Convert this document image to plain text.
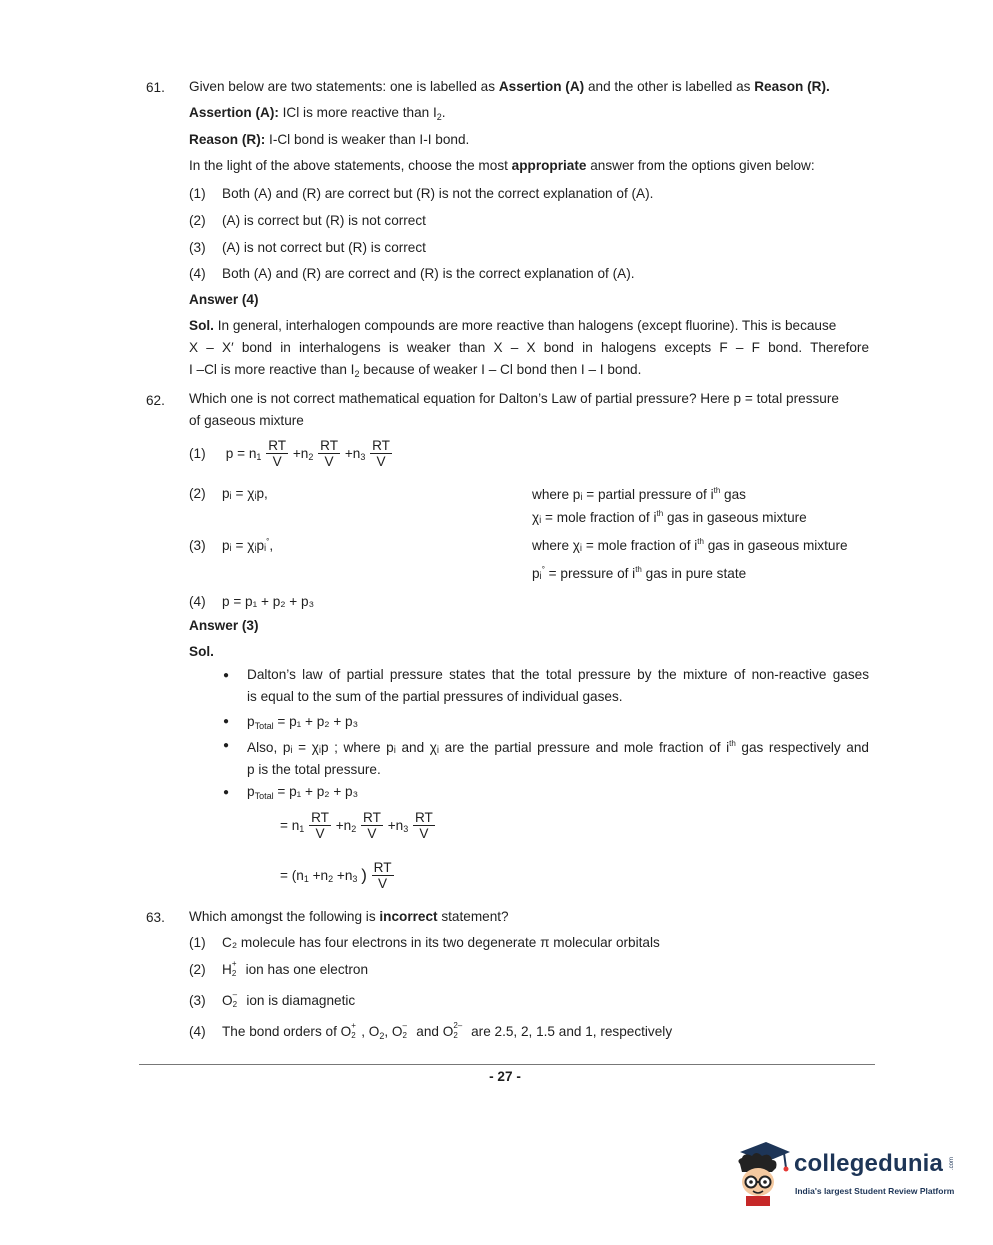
61. Given below are two statements: one is labelled as Assertion (A) and the other is labelled as Reason (R).
Assertion (A): ICl is more reactive than $I_2$.
Reason (R): I-Cl bond is weaker than I-I bond.
In the light of the above statements, choose the most appropriate answer from the options given below:
(1) Both (A) and (R) are correct but (R) is not the correct explanation of (A).
(2) (A) is correct but (R) is not correct
(3) (A) is not correct but (R) is correct
(4) Both (A) and (R) are correct and (R) is the correct explanation of (A).
Answer (4)
Sol. In general, interhalogen compounds are more reactive than halogens (except fluorine). This is because
X – X′ bond in interhalogens is weaker than X – X bond in halogens excepts F – F bond. Therefore
I –Cl is more reactive than $I_2$ because of weaker I – Cl bond then I – I bond.
62. Which one is not correct mathematical equation for Dalton’s Law of partial pressure? Here p = total pressure
of gaseous mixture
(1) $p = n_1 \frac{RT}{V} +n_2 \frac{RT}{V} +n_3 \frac{RT}{V}$
(2) pᵢ = χᵢp,	where pᵢ = partial pressure of $i^{th}$ gas
χᵢ = mole fraction of $i^{th}$ gas in gaseous mixture
(3) pᵢ = χᵢpᵢ°,	where χᵢ = mole fraction of $i^{th}$ gas in gaseous mixture
pᵢ° = pressure of $i^{th}$ gas in pure state
(4) p = p₁ + p₂ + p₃
Answer (3)
Sol.
● Dalton’s law of partial pressure states that the total pressure by the mixture of non-reactive gases
is equal to the sum of the partial pressures of individual gases.
● $p_{Total} = p_1 + p_2 + p_3$
● Also, pᵢ = χᵢp ; where pᵢ and χᵢ are the partial pressure and mole fraction of $i^{th}$ gas respectively and
p is the total pressure.
● $p_{Total} = p_1 + p_2 + p_3$
= $n_1 \frac{RT}{V} +n_2 \frac{RT}{V} +n_3 \frac{RT}{V}$
= ($n_1 +n_2 +n_3$ ) $\frac{RT}{V}$
63. Which amongst the following is incorrect statement?
(1) C₂ molecule has four electrons in its two degenerate π molecular orbitals
(2) H +
2 ion has one electron
(3) O –
2 ion is diamagnetic
(4) The bond orders of O +
2 , $O_2$, O –
2 and O 2–
2 are 2.5, 2, 1.5 and 1, respectively
- 27 -
collegedunia .com
India's largest Student Review Platform
